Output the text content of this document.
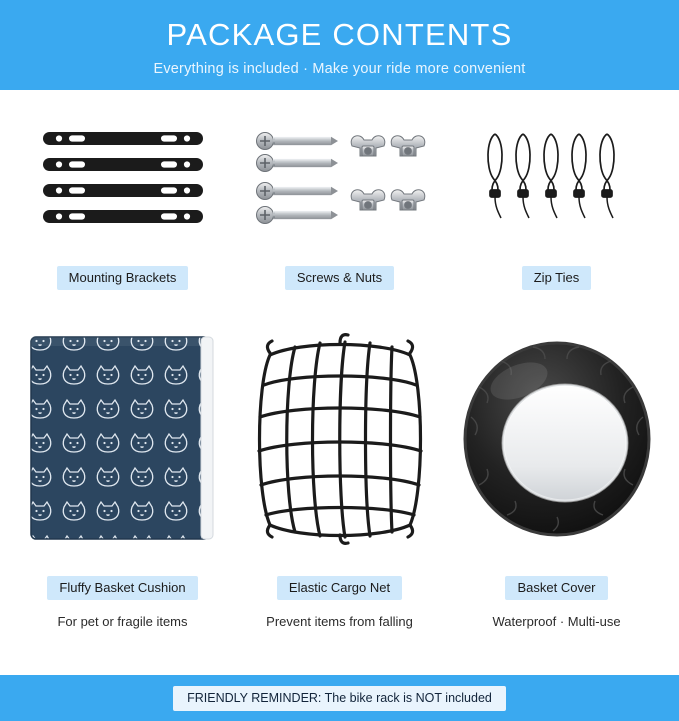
PACKAGE CONTENTS
Everything is included · Make your ride more convenient
Mounting Brackets	Screws & Nuts	Zip Ties
Fluffy Basket Cushion
For pet or fragile items
Elastic Cargo Net
Prevent items from falling
Basket Cover
Waterproof · Multi-use
FRIENDLY REMINDER: The bike rack is NOT included
